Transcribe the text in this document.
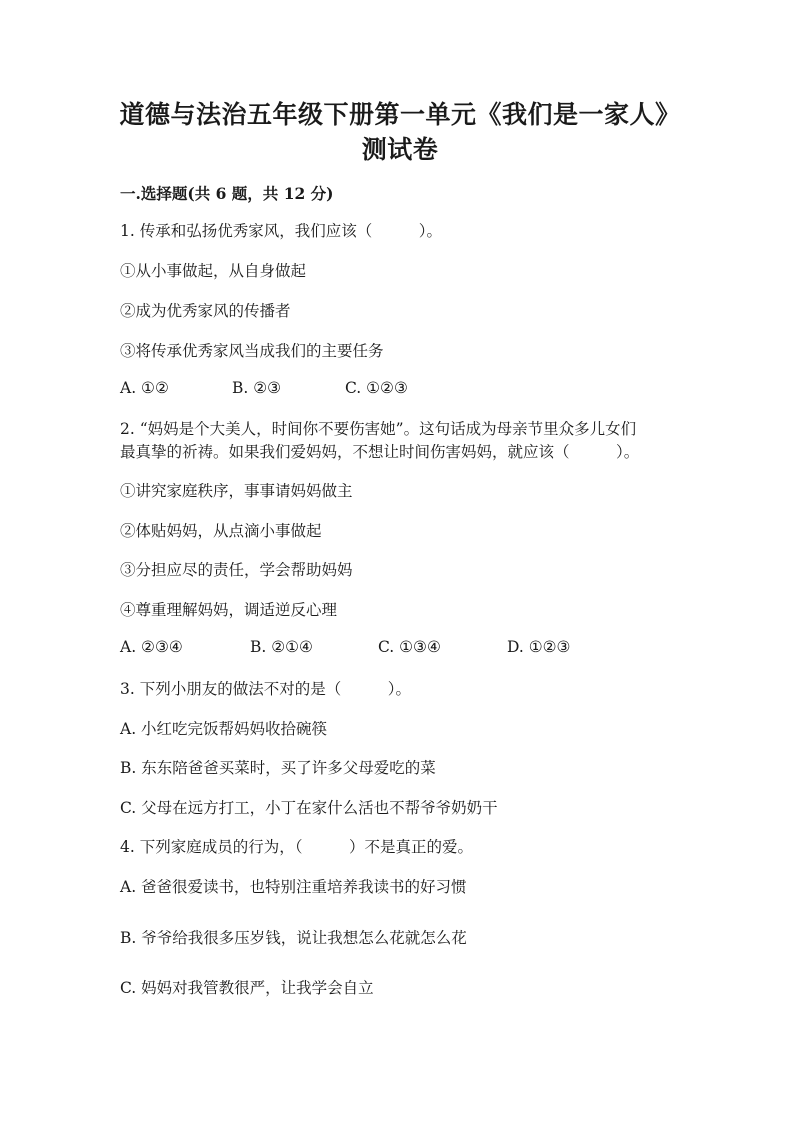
道德与法治五年级下册第一单元《我们是一家人》
测试卷
一.选择题(共 6 题，共 12 分)
1. 传承和弘扬优秀家风，我们应该（　　　）。
①从小事做起，从自身做起
②成为优秀家风的传播者
③将传承优秀家风当成我们的主要任务
A. ①②	B. ②③	C. ①②③
2. “妈妈是个大美人，时间你不要伤害她”。这句话成为母亲节里众多儿女们
最真挚的祈祷。如果我们爱妈妈，不想让时间伤害妈妈，就应该（　　　）。
①讲究家庭秩序，事事请妈妈做主
②体贴妈妈，从点滴小事做起
③分担应尽的责任，学会帮助妈妈
④尊重理解妈妈，调适逆反心理
A. ②③④	B. ②①④	C. ①③④	D. ①②③
3. 下列小朋友的做法不对的是（　　　）。
A. 小红吃完饭帮妈妈收拾碗筷
B. 东东陪爸爸买菜时，买了许多父母爱吃的菜
C. 父母在远方打工，小丁在家什么活也不帮爷爷奶奶干
4. 下列家庭成员的行为，（　　　）不是真正的爱。
A. 爸爸很爱读书，也特别注重培养我读书的好习惯
B. 爷爷给我很多压岁钱，说让我想怎么花就怎么花
C. 妈妈对我管教很严，让我学会自立
